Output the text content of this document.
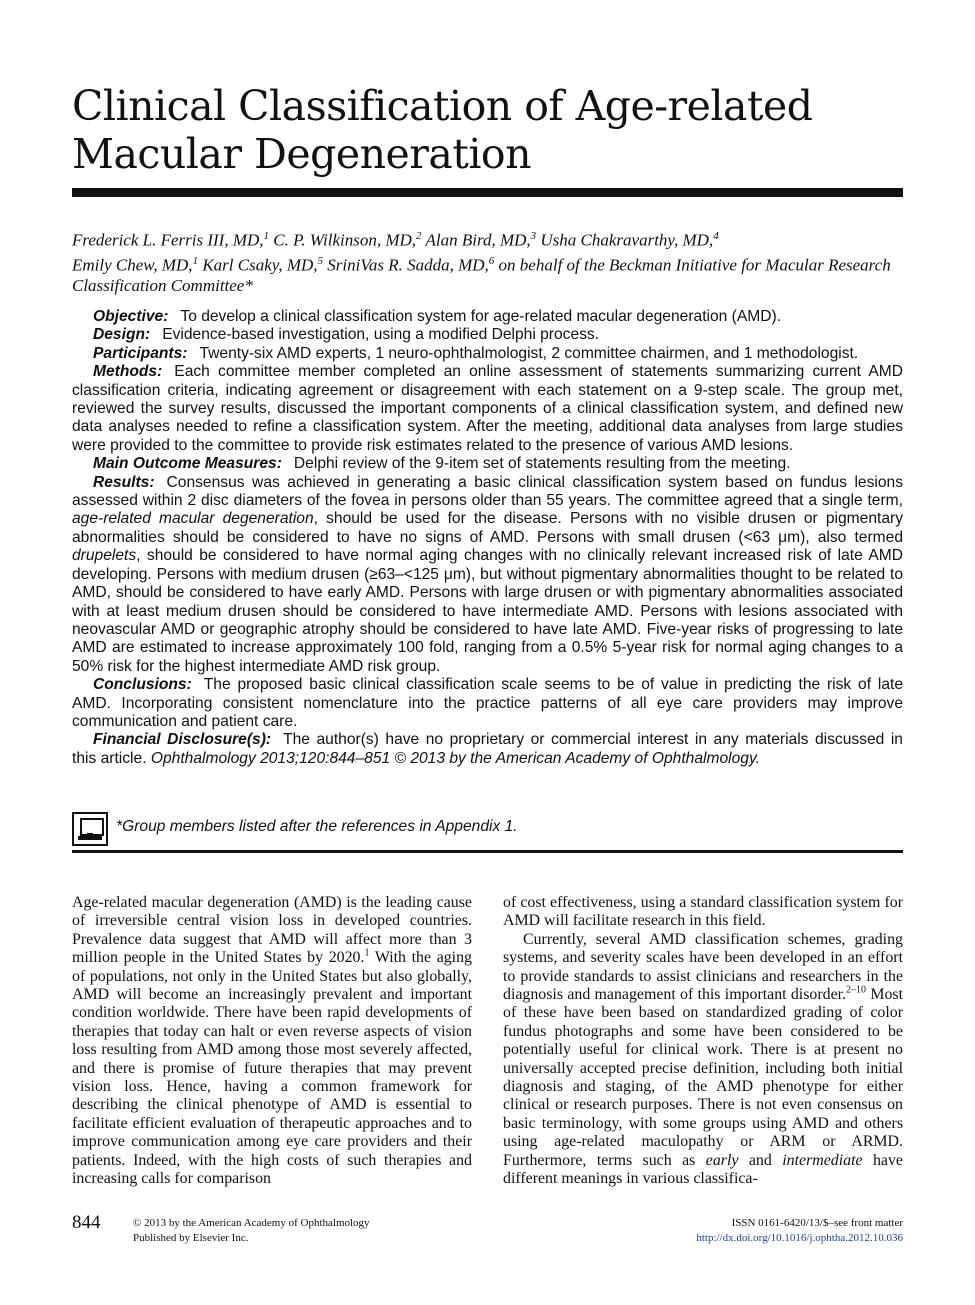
Clinical Classification of Age-related
Macular Degeneration
Frederick L. Ferris III, MD,$^1$ C. P. Wilkinson, MD,$^2$ Alan Bird, MD,$^3$ Usha Chakravarthy, MD,$^4$
Emily Chew, MD,$^1$ Karl Csaky, MD,$^5$ SriniVas R. Sadda, MD,$^6$ on behalf of the Beckman Initiative for Macular Research Classification Committee*

Objective: To develop a clinical classification system for age-related macular degeneration (AMD).

Design: Evidence-based investigation, using a modified Delphi process.

Participants: Twenty-six AMD experts, 1 neuro-ophthalmologist, 2 committee chairmen, and 1 methodologist.

Methods: Each committee member completed an online assessment of statements summarizing current AMD classification criteria, indicating agreement or disagreement with each statement on a 9-step scale. The group met, reviewed the survey results, discussed the important components of a clinical classification system, and defined new data analyses needed to refine a classification system. After the meeting, additional data analyses from large studies were provided to the committee to provide risk estimates related to the presence of various AMD lesions.

Main Outcome Measures: Delphi review of the 9-item set of statements resulting from the meeting.

Results: Consensus was achieved in generating a basic clinical classification system based on fundus lesions assessed within 2 disc diameters of the fovea in persons older than 55 years. The committee agreed that a single term, age-related macular degeneration, should be used for the disease. Persons with no visible drusen or pigmentary abnormalities should be considered to have no signs of AMD. Persons with small drusen (<63 μm), also termed drupelets, should be considered to have normal aging changes with no clinically relevant increased risk of late AMD developing. Persons with medium drusen (≥63–<125 μm), but without pigmentary abnormalities thought to be related to AMD, should be considered to have early AMD. Persons with large drusen or with pigmentary abnormalities associated with at least medium drusen should be considered to have intermediate AMD. Persons with lesions associated with neovascular AMD or geographic atrophy should be considered to have late AMD. Five-year risks of progressing to late AMD are estimated to increase approximately 100 fold, ranging from a 0.5% 5-year risk for normal aging changes to a 50% risk for the highest intermediate AMD risk group.

Conclusions: The proposed basic clinical classification scale seems to be of value in predicting the risk of late AMD. Incorporating consistent nomenclature into the practice patterns of all eye care providers may improve communication and patient care.

Financial Disclosure(s): The author(s) have no proprietary or commercial interest in any materials discussed in this article. Ophthalmology 2013;120:844–851 © 2013 by the American Academy of Ophthalmology.

*Group members listed after the references in Appendix 1.

Age-related macular degeneration (AMD) is the leading cause of irreversible central vision loss in developed countries. Prevalence data suggest that AMD will affect more than 3 million people in the United States by 2020.$^1$ With the aging of populations, not only in the United States but also globally, AMD will become an increasingly prevalent and important condition worldwide. There have been rapid developments of therapies that today can halt or even reverse aspects of vision loss resulting from AMD among those most severely affected, and there is promise of future therapies that may prevent vision loss. Hence, having a common framework for describing the clinical phenotype of AMD is essential to facilitate efficient evaluation of therapeutic approaches and to improve communication among eye care providers and their patients. Indeed, with the high costs of such therapies and increasing calls for comparison

of cost effectiveness, using a standard classification system for AMD will facilitate research in this field.

Currently, several AMD classification schemes, grading systems, and severity scales have been developed in an effort to provide standards to assist clinicians and researchers in the diagnosis and management of this important disorder.$^{2-10}$ Most of these have been based on standardized grading of color fundus photographs and some have been considered to be potentially useful for clinical work. There is at present no universally accepted precise definition, including both initial diagnosis and staging, of the AMD phenotype for either clinical or research purposes. There is not even consensus on basic terminology, with some groups using AMD and others using age-related maculopathy or ARM or ARMD. Furthermore, terms such as early and intermediate have different meanings in various classifica-

844	© 2013 by the American Academy of Ophthalmology
Published by Elsevier Inc.
ISSN 0161-6420/13/$–see front matter
http://dx.doi.org/10.1016/j.ophtha.2012.10.036
